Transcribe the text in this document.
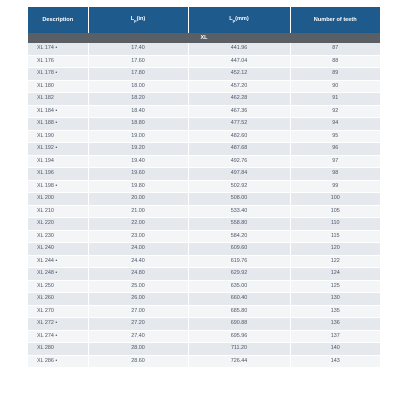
Description	$L_p(in)$	$L_p(mm)$	Number of teeth
XL			
XL 174 •	17.40	441.96	87
XL 176	17.60	447.04	88
XL 178 •	17.80	452.12	89
XL 180	18.00	457.20	90
XL 182	18.20	462.28	91
XL 184 •	18.40	467.36	92
XL 188 •	18.80	477.52	94
XL 190	19.00	482.60	95
XL 192 •	19.20	487.68	96
XL 194	19.40	492.76	97
XL 196	19.60	497.84	98
XL 198 •	19.80	502.92	99
XL 200	20.00	508.00	100
XL 210	21.00	533.40	105
XL 220	22.00	558.80	110
XL 230	23.00	584.20	115
XL 240	24.00	609.60	120
XL 244 •	24.40	619.76	122
XL 248 •	24.80	629.92	124
XL 250	25.00	635.00	125
XL 260	26.00	660.40	130
XL 270	27.00	685.80	135
XL 272 •	27.20	690.88	136
XL 274 •	27.40	695.96	137
XL 280	28.00	711.20	140
XL 286 •	28.60	726.44	143
